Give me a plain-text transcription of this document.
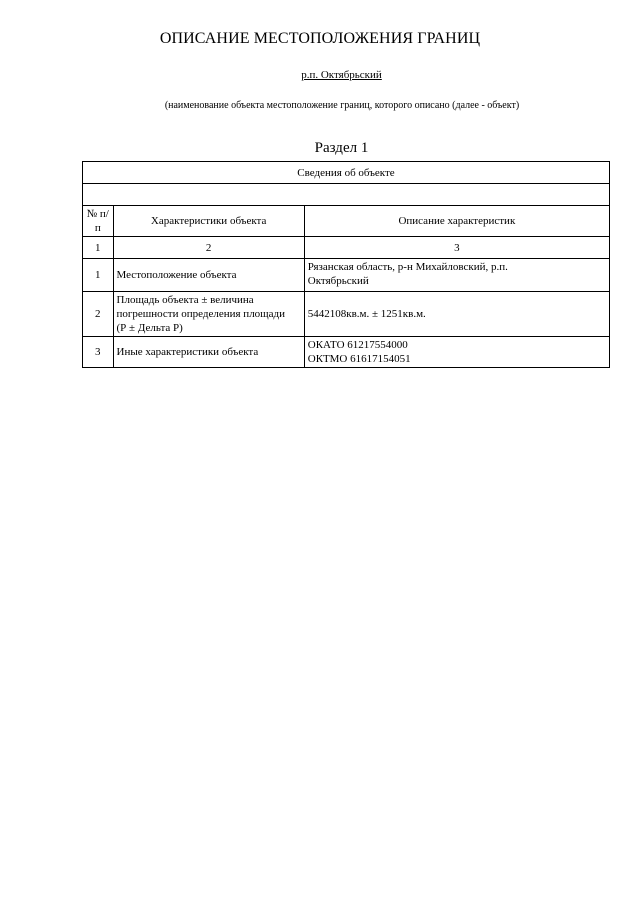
ОПИСАНИЕ МЕСТОПОЛОЖЕНИЯ ГРАНИЦ
р.п. Октябрьский
(наименование объекта местоположение границ, которого описано (далее - объект)
Раздел 1
Сведения об объекте		

№ п/п	Характеристики объекта	Описание характеристик
1	2	3
1	Местоположение объекта	Рязанская область, р-н Михайловский, р.п.
Октябрьский

2	Площадь объекта ± величина
погрешности определения площади
(Р ± Дельта Р)	5442108кв.м. ± 1251кв.м.
3	Иные характеристики объекта	ОКАТО 61217554000
ОКТМО 61617154051
